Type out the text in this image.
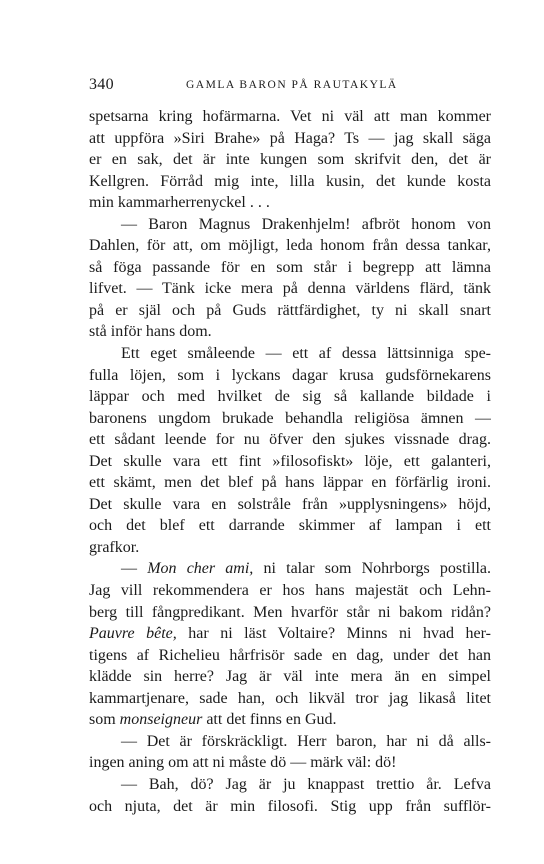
340	GAMLA BARON PÅ RAUTAKYLÄ
spetsarna kring hofärmarna. Vet ni väl att man kommer
att uppföra »Siri Brahe» på Haga? Ts — jag skall säga
er en sak, det är inte kungen som skrifvit den, det är
Kellgren. Förråd mig inte, lilla kusin, det kunde kosta
min kammarherrenyckel . . .
— Baron Magnus Drakenhjelm! afbröt honom von
Dahlen, för att, om möjligt, leda honom från dessa tankar,
så föga passande för en som står i begrepp att lämna
lifvet. — Tänk icke mera på denna världens flärd, tänk
på er själ och på Guds rättfärdighet, ty ni skall snart
stå inför hans dom.
Ett eget småleende — ett af dessa lättsinniga spe-
fulla löjen, som i lyckans dagar krusa gudsförnekarens
läppar och med hvilket de sig så kallande bildade i
baronens ungdom brukade behandla religiösa ämnen —
ett sådant leende for nu öfver den sjukes vissnade drag.
Det skulle vara ett fint »filosofiskt» löje, ett galanteri,
ett skämt, men det blef på hans läppar en förfärlig ironi.
Det skulle vara en solstråle från »upplysningens» höjd,
och det blef ett darrande skimmer af lampan i ett
grafkor.
— Mon cher ami, ni talar som Nohrborgs postilla.
Jag vill rekommendera er hos hans majestät och Lehn-
berg till fångpredikant. Men hvarför står ni bakom ridån?
Pauvre bête, har ni läst Voltaire? Minns ni hvad her-
tigens af Richelieu hårfrisör sade en dag, under det han
klädde sin herre? Jag är väl inte mera än en simpel
kammartjenare, sade han, och likväl tror jag likaså litet
som monseigneur att det finns en Gud.
— Det är förskräckligt. Herr baron, har ni då alls-
ingen aning om att ni måste dö — märk väl: dö!
— Bah, dö? Jag är ju knappast trettio år. Lefva
och njuta, det är min filosofi. Stig upp från sufflör-
